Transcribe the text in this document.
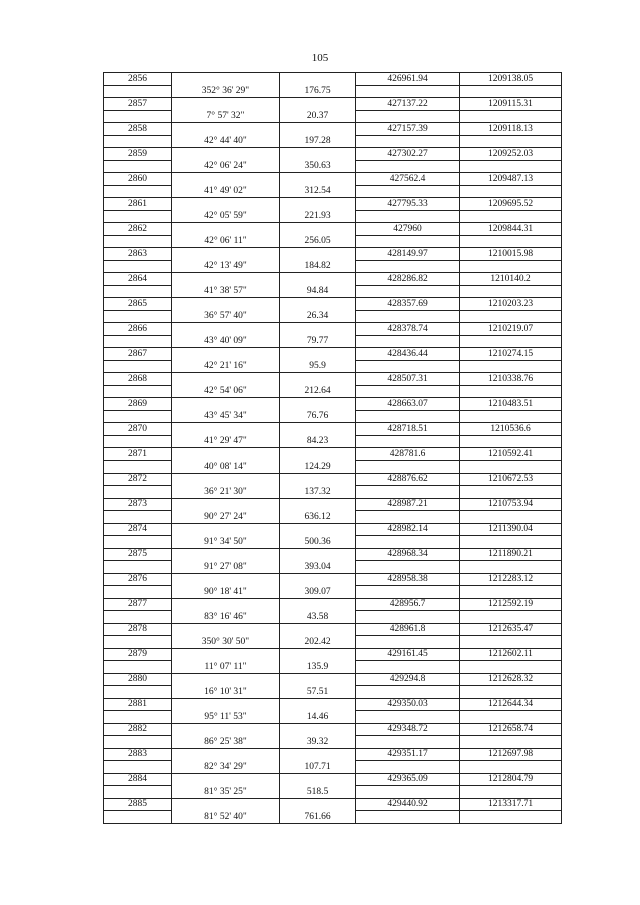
105
2856			426961.94	1209138.05
	352° 36' 29"	176.75		
2857			427137.22	1209115.31
	7° 57' 32"	20.37		
2858			427157.39	1209118.13
	42° 44' 40"	197.28		
2859			427302.27	1209252.03
	42° 06' 24"	350.63		
2860			427562.4	1209487.13
	41° 49' 02"	312.54		
2861			427795.33	1209695.52
	42° 05' 59"	221.93		
2862			427960	1209844.31
	42° 06' 11"	256.05		
2863			428149.97	1210015.98
	42° 13' 49"	184.82		
2864			428286.82	1210140.2
	41° 38' 57"	94.84		
2865			428357.69	1210203.23
	36° 57' 40"	26.34		
2866			428378.74	1210219.07
	43° 40' 09"	79.77		
2867			428436.44	1210274.15
	42° 21' 16"	95.9		
2868			428507.31	1210338.76
	42° 54' 06"	212.64		
2869			428663.07	1210483.51
	43° 45' 34"	76.76		
2870			428718.51	1210536.6
	41° 29' 47"	84.23		
2871			428781.6	1210592.41
	40° 08' 14"	124.29		
2872			428876.62	1210672.53
	36° 21' 30"	137.32		
2873			428987.21	1210753.94
	90° 27' 24"	636.12		
2874			428982.14	1211390.04
	91° 34' 50"	500.36		
2875			428968.34	1211890.21
	91° 27' 08"	393.04		
2876			428958.38	1212283.12
	90° 18' 41"	309.07		
2877			428956.7	1212592.19
	83° 16' 46"	43.58		
2878			428961.8	1212635.47
	350° 30' 50"	202.42		
2879			429161.45	1212602.11
	11° 07' 11"	135.9		
2880			429294.8	1212628.32
	16° 10' 31"	57.51		
2881			429350.03	1212644.34
	95° 11' 53"	14.46		
2882			429348.72	1212658.74
	86° 25' 38"	39.32		
2883			429351.17	1212697.98
	82° 34' 29"	107.71		
2884			429365.09	1212804.79
	81° 35' 25"	518.5		
2885			429440.92	1213317.71
	81° 52' 40"	761.66		
